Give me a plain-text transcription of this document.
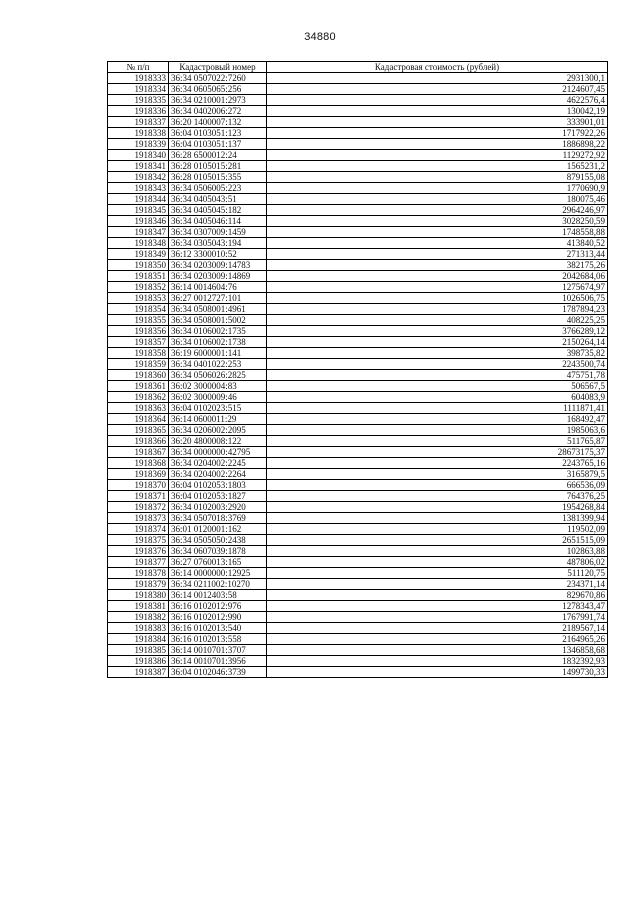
34880
№ п/п	Кадастровый номер	Кадастровая стоимость (рублей)
1918333	36:34 0507022:7260	2931300,1
1918334	36:34 0605065:256	2124607,45
1918335	36:34 0210001:2973	4622576,4
1918336	36:34 0402006:272	130042,19
1918337	36:20 1400007:132	333901,01
1918338	36:04 0103051:123	1717922,26
1918339	36:04 0103051:137	1886898,22
1918340	36:28 6500012:24	1129272,92
1918341	36:28 0105015:281	1565231,2
1918342	36:28 0105015:355	879155,08
1918343	36:34 0506005:223	1770690,9
1918344	36:34 0405043:51	180075,46
1918345	36:34 0405045:182	2964246,97
1918346	36:34 0405046:114	3028250,59
1918347	36:34 0307009:1459	1748558,88
1918348	36:34 0305043:194	413840,52
1918349	36:12 3300010:52	271313,44
1918350	36:34 0203009:14783	382175,26
1918351	36:34 0203009:14869	2042684,06
1918352	36:14 0014604:76	1275674,97
1918353	36:27 0012727:101	1026506,75
1918354	36:34 0508001:4961	1787894,23
1918355	36:34 0508001:5002	408225,25
1918356	36:34 0106002:1735	3766289,12
1918357	36:34 0106002:1738	2150264,14
1918358	36:19 6000001:141	398735,82
1918359	36:34 0401022:253	2243500,74
1918360	36:34 0506026:2825	475751,78
1918361	36:02 3000004:83	506567,5
1918362	36:02 3000009:46	604083,9
1918363	36:04 0102023:515	1111871,41
1918364	36:14 0600011:29	168492,47
1918365	36:34 0206002:2095	1985063,6
1918366	36:20 4800008:122	511765,87
1918367	36:34 0000000:42795	28673175,37
1918368	36:34 0204002:2245	2243765,16
1918369	36:34 0204002:2264	3165879,5
1918370	36:04 0102053:1803	666536,09
1918371	36:04 0102053:1827	764376,25
1918372	36:34 0102003:2920	1954268,84
1918373	36:34 0507018:3769	1381399,94
1918374	36:01 0120001:162	119502,09
1918375	36:34 0505050:2438	2651515,09
1918376	36:34 0607039:1878	102863,88
1918377	36:27 0760013:165	487806,02
1918378	36:14 0000000:12925	511120,75
1918379	36:34 0211002:10270	234371,14
1918380	36:14 0012403:58	829670,86
1918381	36:16 0102012:976	1278343,47
1918382	36:16 0102012:990	1767991,74
1918383	36:16 0102013:540	2189567,14
1918384	36:16 0102013:558	2164965,26
1918385	36:14 0010701:3707	1346858,68
1918386	36:14 0010701:3956	1832392,93
1918387	36:04 0102046:3739	1499730,33
